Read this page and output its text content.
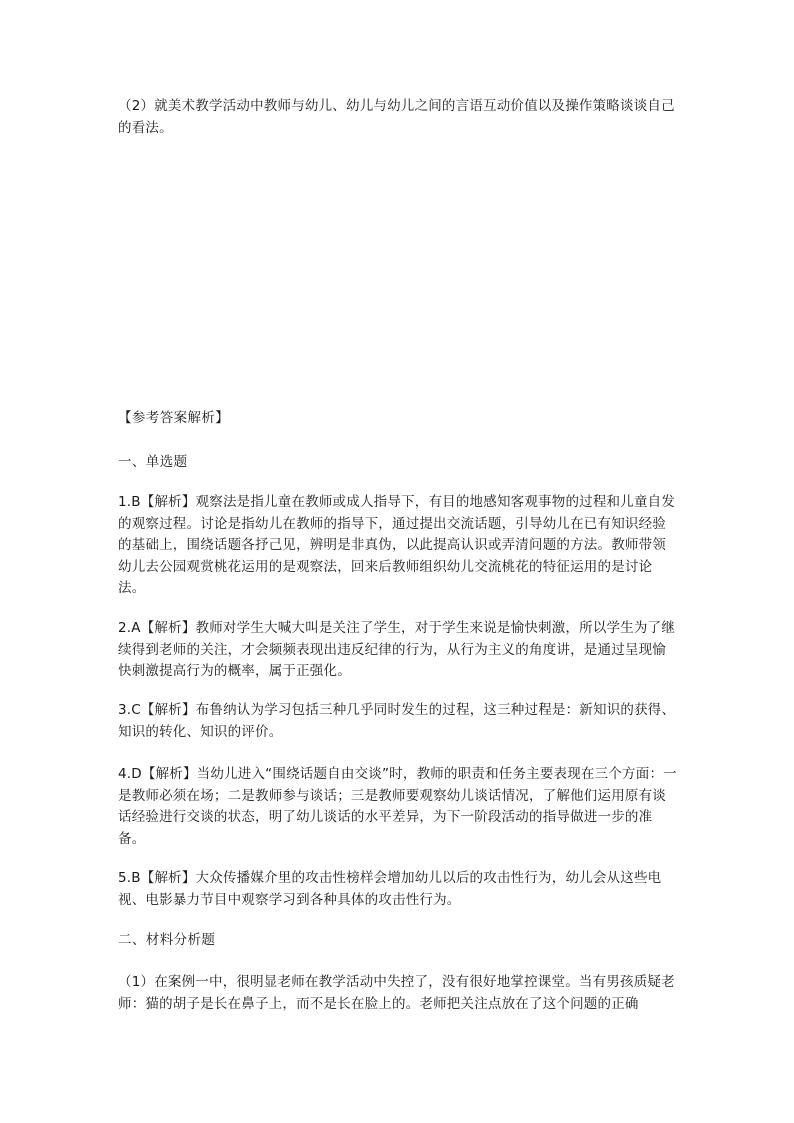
（2）就美术教学活动中教师与幼儿、幼儿与幼儿之间的言语互动价值以及操作策略谈谈自己的看法。

【参考答案解析】

一、单选题

1.B【解析】观察法是指儿童在教师或成人指导下，有目的地感知客观事物的过程和儿童自发的观察过程。讨论是指幼儿在教师的指导下，通过提出交流话题，引导幼儿在已有知识经验的基础上，围绕话题各抒己见，辨明是非真伪，以此提高认识或弄清问题的方法。教师带领幼儿去公园观赏桃花运用的是观察法，回来后教师组织幼儿交流桃花的特征运用的是讨论法。

2.A【解析】教师对学生大喊大叫是关注了学生，对于学生来说是愉快刺激，所以学生为了继续得到老师的关注，才会频频表现出违反纪律的行为，从行为主义的角度讲，是通过呈现愉快刺激提高行为的概率，属于正强化。

3.C【解析】布鲁纳认为学习包括三种几乎同时发生的过程，这三种过程是：新知识的获得、知识的转化、知识的评价。

4.D【解析】当幼儿进入“围绕话题自由交谈”时，教师的职责和任务主要表现在三个方面：一是教师必须在场；二是教师参与谈话；三是教师要观察幼儿谈话情况，了解他们运用原有谈话经验进行交谈的状态，明了幼儿谈话的水平差异，为下一阶段活动的指导做进一步的准备。

5.B【解析】大众传播媒介里的攻击性榜样会增加幼儿以后的攻击性行为，幼儿会从这些电视、电影暴力节目中观察学习到各种具体的攻击性行为。

二、材料分析题

（1）在案例一中，很明显老师在教学活动中失控了，没有很好地掌控课堂。当有男孩质疑老师：猫的胡子是长在鼻子上，而不是长在脸上的。老师把关注点放在了这个问题的正确
